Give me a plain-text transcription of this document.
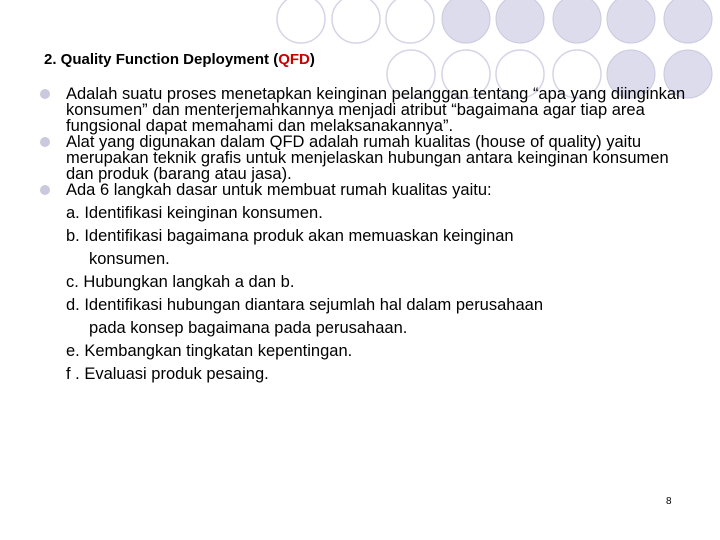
2. Quality Function Deployment (QFD)
Adalah suatu proses menetapkan keinginan pelanggan tentang “apa yang diinginkan konsumen” dan menterjemahkannya menjadi atribut “bagaimana agar tiap area fungsional dapat memahami dan melaksanakannya”.
Alat yang digunakan dalam QFD adalah rumah kualitas (house of quality) yaitu merupakan teknik grafis untuk menjelaskan hubungan antara keinginan konsumen dan produk (barang atau jasa).
Ada 6 langkah dasar untuk membuat rumah kualitas yaitu:
a. Identifikasi keinginan konsumen.
b. Identifikasi bagaimana produk akan memuaskan keinginan
konsumen.
c. Hubungkan langkah a dan b.
d. Identifikasi hubungan diantara sejumlah hal dalam perusahaan
pada konsep bagaimana pada perusahaan.
e. Kembangkan tingkatan kepentingan.
f . Evaluasi produk pesaing.
8
